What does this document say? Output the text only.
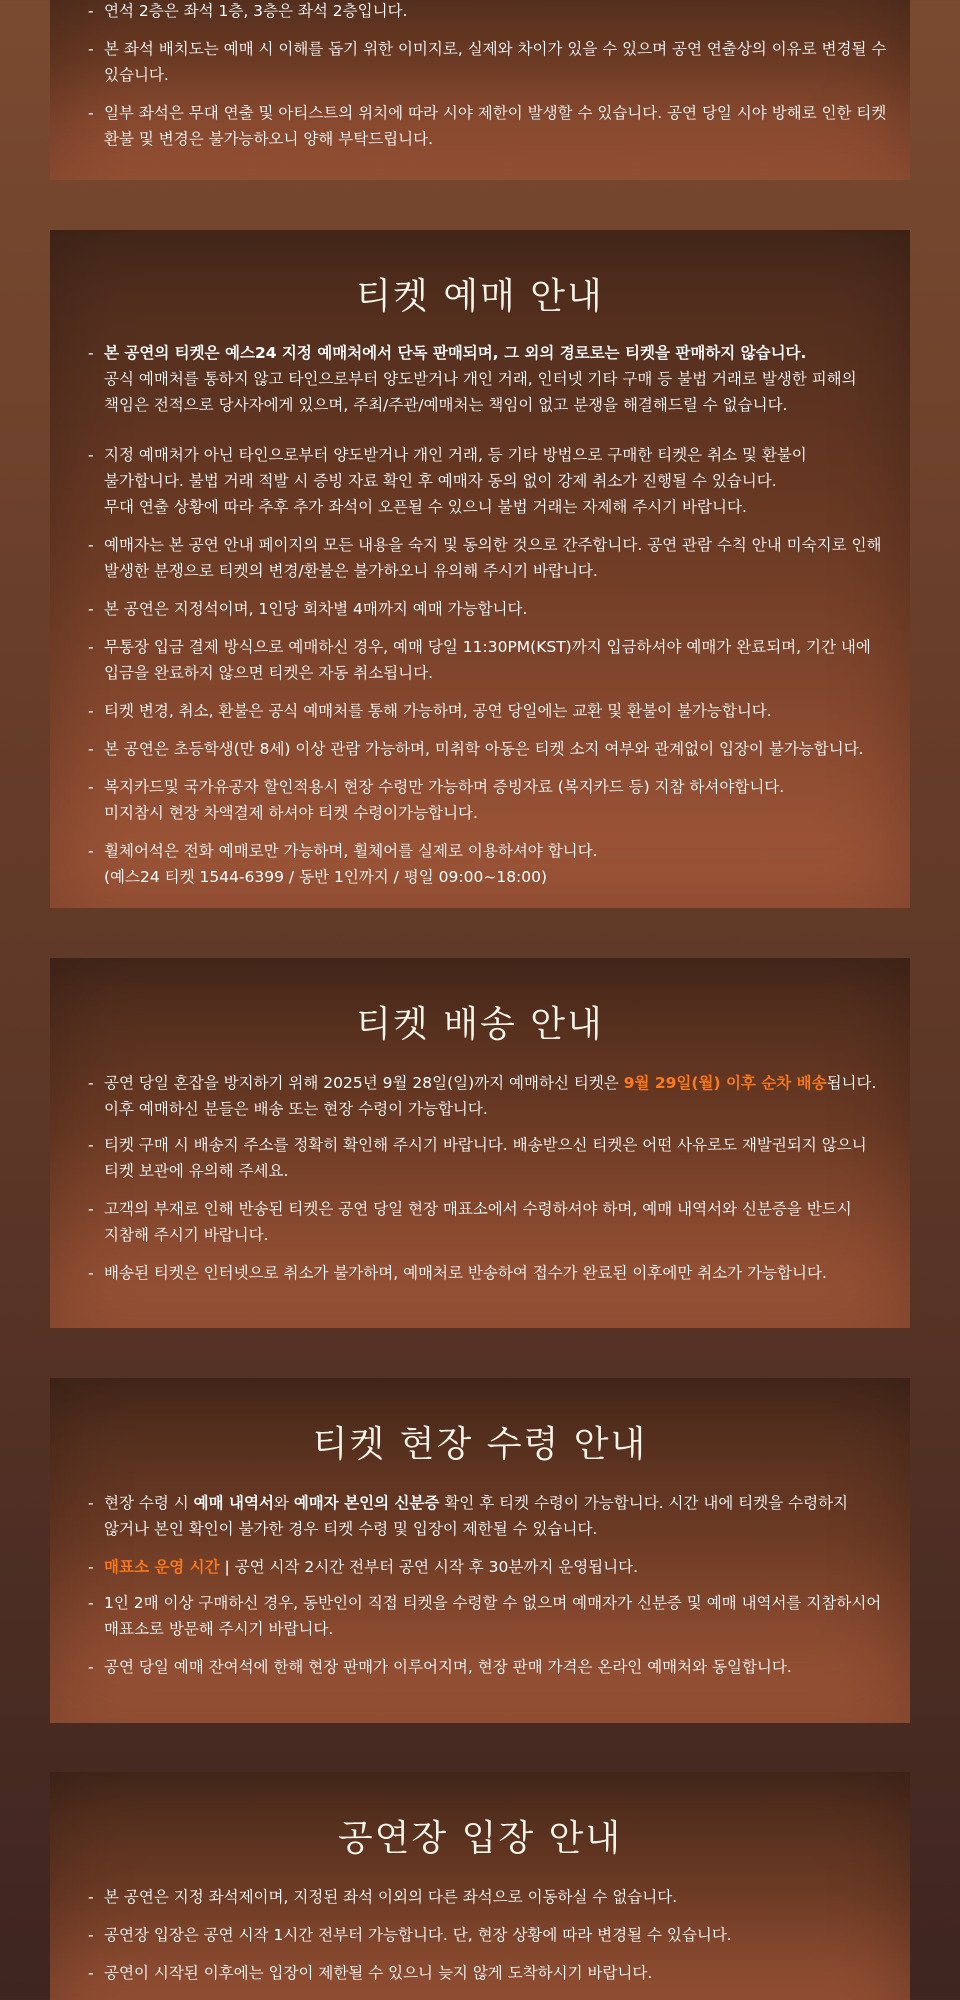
- 연석 2층은 좌석 1층, 3층은 좌석 2층입니다.
- 본 좌석 배치도는 예매 시 이해를 돕기 위한 이미지로, 실제와 차이가 있을 수 있으며 공연 연출상의 이유로 변경될 수
있습니다.
- 일부 좌석은 무대 연출 및 아티스트의 위치에 따라 시야 제한이 발생할 수 있습니다. 공연 당일 시야 방해로 인한 티켓
환불 및 변경은 불가능하오니 양해 부탁드립니다.
티켓 예매 안내
- 본 공연의 티켓은 예스24 지정 예매처에서 단독 판매되며, 그 외의 경로로는 티켓을 판매하지 않습니다.
공식 예매처를 통하지 않고 타인으로부터 양도받거나 개인 거래, 인터넷 기타 구매 등 불법 거래로 발생한 피해의
책임은 전적으로 당사자에게 있으며, 주최/주관/예매처는 책임이 없고 분쟁을 해결해드릴 수 없습니다.
- 지정 예매처가 아닌 타인으로부터 양도받거나 개인 거래, 등 기타 방법으로 구매한 티켓은 취소 및 환불이
불가합니다. 불법 거래 적발 시 증빙 자료 확인 후 예매자 동의 없이 강제 취소가 진행될 수 있습니다.
무대 연출 상황에 따라 추후 추가 좌석이 오픈될 수 있으니 불법 거래는 자제해 주시기 바랍니다.
- 예매자는 본 공연 안내 페이지의 모든 내용을 숙지 및 동의한 것으로 간주합니다. 공연 관람 수칙 안내 미숙지로 인해
발생한 분쟁으로 티켓의 변경/환불은 불가하오니 유의해 주시기 바랍니다.
- 본 공연은 지정석이며, 1인당 회차별 4매까지 예매 가능합니다.
- 무통장 입금 결제 방식으로 예매하신 경우, 예매 당일 11:30PM(KST)까지 입금하셔야 예매가 완료되며, 기간 내에
입금을 완료하지 않으면 티켓은 자동 취소됩니다.
- 티켓 변경, 취소, 환불은 공식 예매처를 통해 가능하며, 공연 당일에는 교환 및 환불이 불가능합니다.
- 본 공연은 초등학생(만 8세) 이상 관람 가능하며, 미취학 아동은 티켓 소지 여부와 관계없이 입장이 불가능합니다.
- 복지카드및 국가유공자 할인적용시 현장 수령만 가능하며 증빙자료 (복지카드 등) 지참 하셔야합니다.
미지참시 현장 차액결제 하셔야 티켓 수령이가능합니다.
- 휠체어석은 전화 예매로만 가능하며, 휠체어를 실제로 이용하셔야 합니다.
(예스24 티켓 1544-6399 / 동반 1인까지 / 평일 09:00~18:00)
티켓 배송 안내
- 공연 당일 혼잡을 방지하기 위해 2025년 9월 28일(일)까지 예매하신 티켓은 9월 29일(월) 이후 순차 배송됩니다.
이후 예매하신 분들은 배송 또는 현장 수령이 가능합니다.
- 티켓 구매 시 배송지 주소를 정확히 확인해 주시기 바랍니다. 배송받으신 티켓은 어떤 사유로도 재발권되지 않으니
티켓 보관에 유의해 주세요.
- 고객의 부재로 인해 반송된 티켓은 공연 당일 현장 매표소에서 수령하셔야 하며, 예매 내역서와 신분증을 반드시
지참해 주시기 바랍니다.
- 배송된 티켓은 인터넷으로 취소가 불가하며, 예매처로 반송하여 접수가 완료된 이후에만 취소가 가능합니다.
티켓 현장 수령 안내
- 현장 수령 시 예매 내역서와 예매자 본인의 신분증 확인 후 티켓 수령이 가능합니다. 시간 내에 티켓을 수령하지
않거나 본인 확인이 불가한 경우 티켓 수령 및 입장이 제한될 수 있습니다.
- 매표소 운영 시간 | 공연 시작 2시간 전부터 공연 시작 후 30분까지 운영됩니다.
- 1인 2매 이상 구매하신 경우, 동반인이 직접 티켓을 수령할 수 없으며 예매자가 신분증 및 예매 내역서를 지참하시어
매표소로 방문해 주시기 바랍니다.
- 공연 당일 예매 잔여석에 한해 현장 판매가 이루어지며, 현장 판매 가격은 온라인 예매처와 동일합니다.
공연장 입장 안내
- 본 공연은 지정 좌석제이며, 지정된 좌석 이외의 다른 좌석으로 이동하실 수 없습니다.
- 공연장 입장은 공연 시작 1시간 전부터 가능합니다. 단, 현장 상황에 따라 변경될 수 있습니다.
- 공연이 시작된 이후에는 입장이 제한될 수 있으니 늦지 않게 도착하시기 바랍니다.
